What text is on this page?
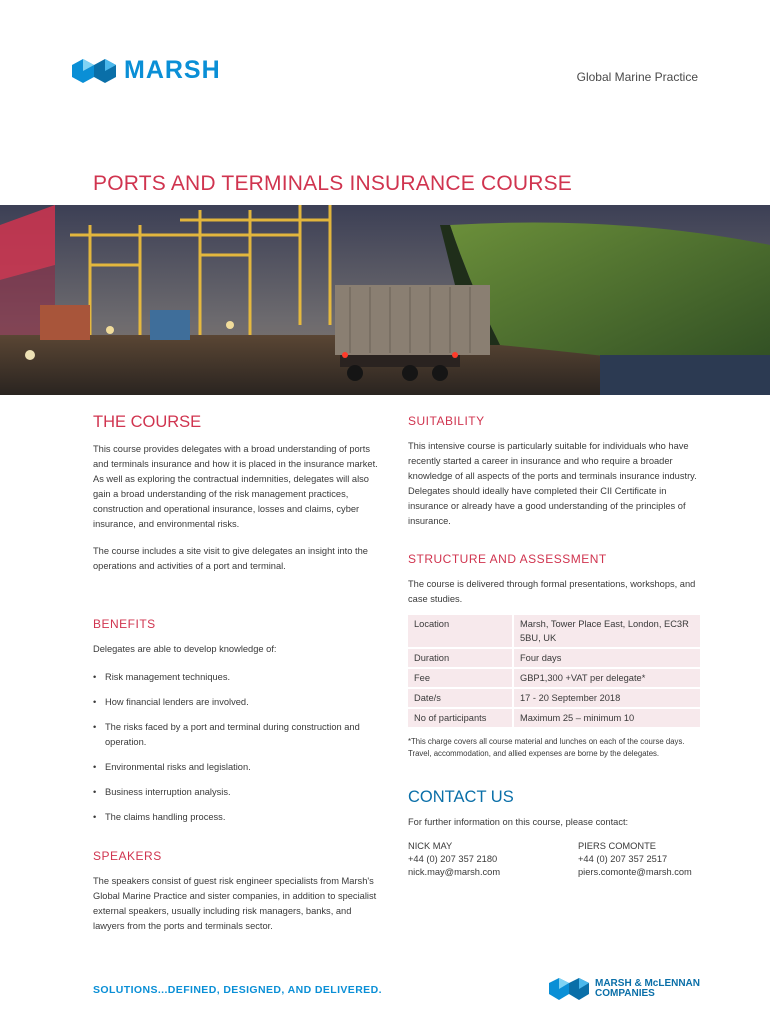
MARSH	Global Marine Practice
PORTS AND TERMINALS INSURANCE COURSE
THE COURSE

This course provides delegates with a broad understanding of ports and terminals insurance and how it is placed in the insurance market. As well as exploring the contractual indemnities, delegates will also gain a broad understanding of the risk management practices, construction and operational insurance, losses and claims, cyber insurance, and environmental risks.

The course includes a site visit to give delegates an insight into the operations and activities of a port and terminal.

BENEFITS

Delegates are able to develop knowledge of:

• Risk management techniques.
• How financial lenders are involved.
• The risks faced by a port and terminal during construction and operation.
• Environmental risks and legislation.
• Business interruption analysis.
• The claims handling process.
SPEAKERS

The speakers consist of guest risk engineer specialists from Marsh's Global Marine Practice and sister companies, in addition to specialist external speakers, usually including risk managers, banks, and lawyers from the ports and terminals sector.

SUITABILITY

This intensive course is particularly suitable for individuals who have recently started a career in insurance and who require a broader knowledge of all aspects of the ports and terminals insurance industry. Delegates should ideally have completed their CII Certificate in insurance or already have a good understanding of the principles of insurance.

STRUCTURE AND ASSESSMENT

The course is delivered through formal presentations, workshops, and case studies.

Location	Marsh, Tower Place East, London, EC3R 5BU, UK
Duration	Four days
Fee	GBP1,300 +VAT per delegate*
Date/s	17 - 20 September 2018
No of participants	Maximum 25 – minimum 10
*This charge covers all course material and lunches on each of the course days. Travel, accommodation, and allied expenses are borne by the delegates.
CONTACT US

For further information on this course, please contact:

NICK MAY
+44 (0) 207 357 2180
nick.may@marsh.com
PIERS COMONTE
+44 (0) 207 357 2517
piers.comonte@marsh.com
SOLUTIONS...DEFINED, DESIGNED, AND DELIVERED.
MARSH & McLENNAN
COMPANIES
